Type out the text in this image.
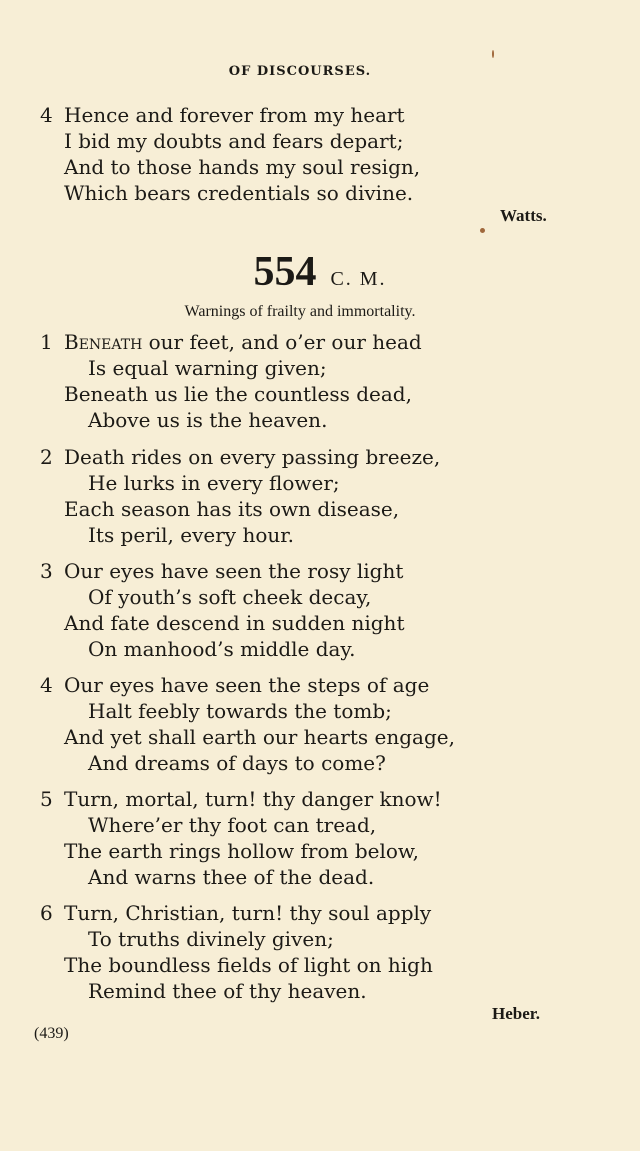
OF DISCOURSES.
4 Hence and forever from my heart
I bid my doubts and fears depart;
And to those hands my soul resign,
Which bears credentials so divine.
Watts.
554 C. M.
Warnings of frailty and immortality.
1 Beneath our feet, and o’er our head
Is equal warning given;
Beneath us lie the countless dead,
Above us is the heaven.
2 Death rides on every passing breeze,
He lurks in every flower;
Each season has its own disease,
Its peril, every hour.
3 Our eyes have seen the rosy light
Of youth’s soft cheek decay,
And fate descend in sudden night
On manhood’s middle day.
4 Our eyes have seen the steps of age
Halt feebly towards the tomb;
And yet shall earth our hearts engage,
And dreams of days to come?
5 Turn, mortal, turn! thy danger know!
Where’er thy foot can tread,
The earth rings hollow from below,
And warns thee of the dead.
6 Turn, Christian, turn! thy soul apply
To truths divinely given;
The boundless fields of light on high
Remind thee of thy heaven.
Heber.
(439)
